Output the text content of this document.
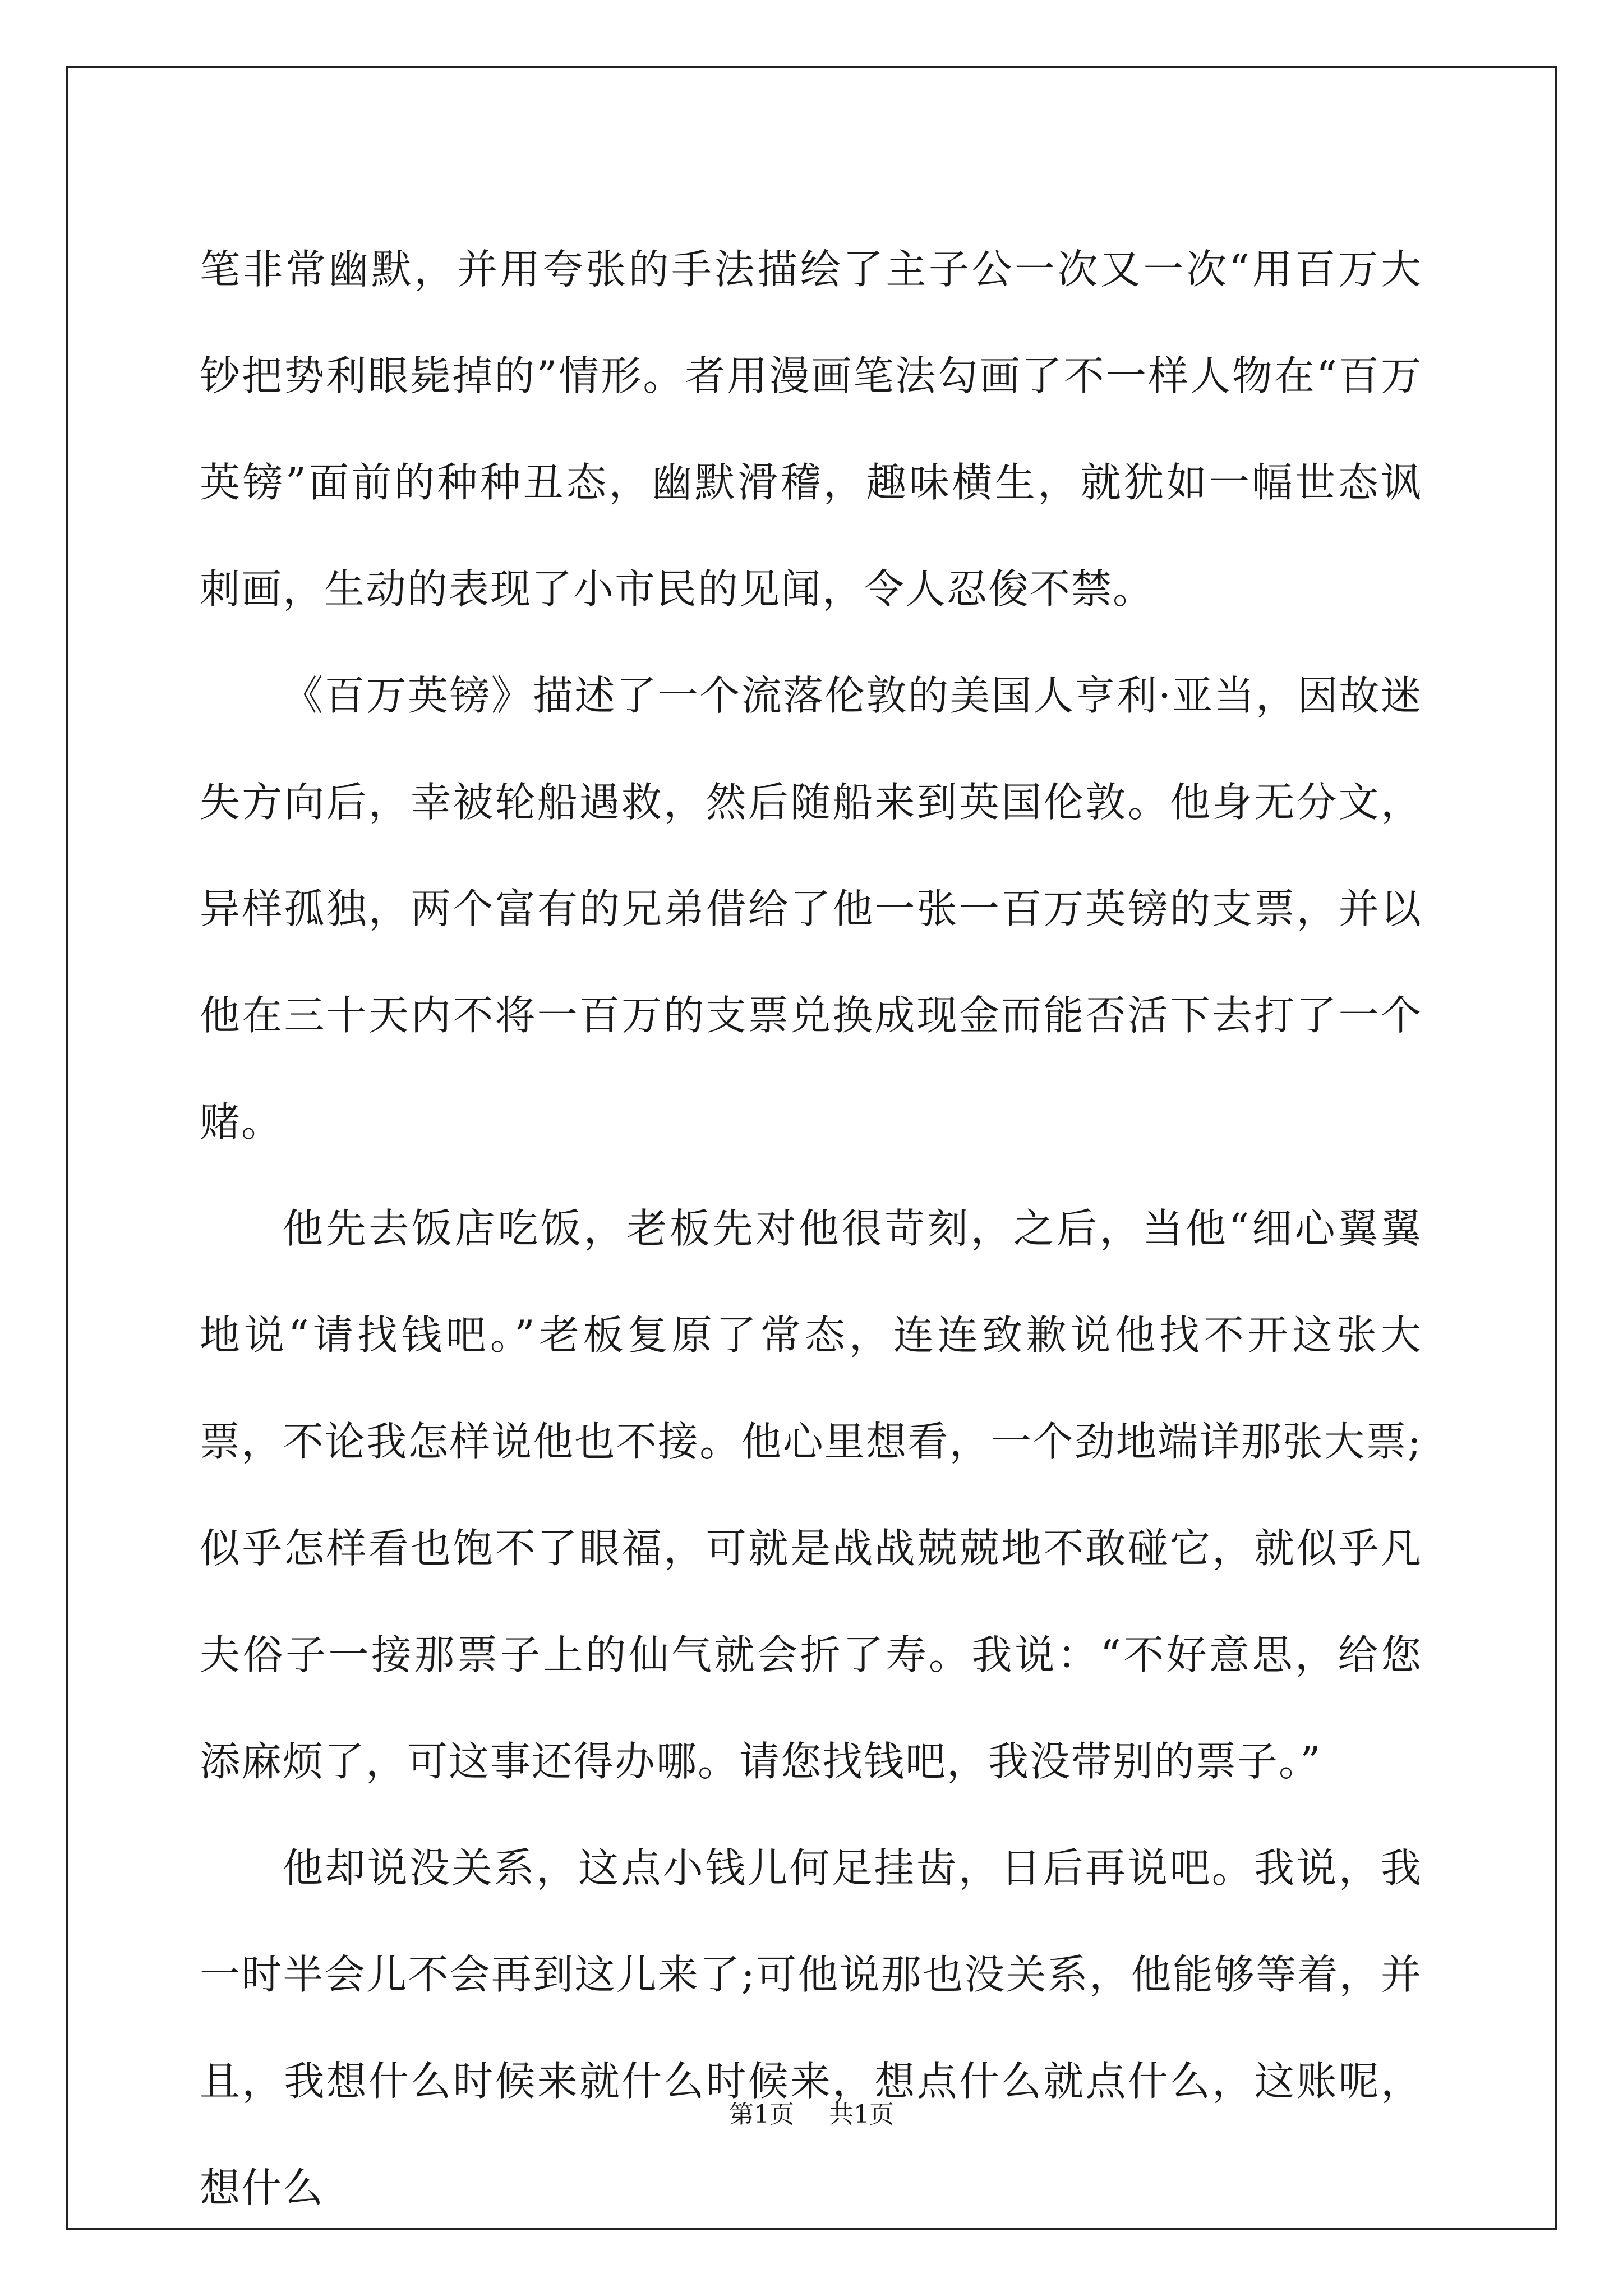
笔非常幽默，并用夸张的手法描绘了主子公一次又一次“用百万大钞把势利眼毙掉的”情形。者用漫画笔法勾画了不一样人物在“百万英镑”面前的种种丑态，幽默滑稽，趣味横生，就犹如一幅世态讽刺画，生动的表现了小市民的见闻，令人忍俊不禁。

《百万英镑》描述了一个流落伦敦的美国人亨利·亚当，因故迷失方向后，幸被轮船遇救，然后随船来到英国伦敦。他身无分文，异样孤独，两个富有的兄弟借给了他一张一百万英镑的支票，并以他在三十天内不将一百万的支票兑换成现金而能否活下去打了一个赌。

他先去饭店吃饭，老板先对他很苛刻，之后，当他“细心翼翼地说“请找钱吧。”老板复原了常态，连连致歉说他找不开这张大票，不论我怎样说他也不接。他心里想看，一个劲地端详那张大票;似乎怎样看也饱不了眼福，可就是战战兢兢地不敢碰它，就似乎凡夫俗子一接那票子上的仙气就会折了寿。我说：“不好意思，给您添麻烦了，可这事还得办哪。请您找钱吧，我没带别的票子。”

他却说没关系，这点小钱儿何足挂齿，日后再说吧。我说，我一时半会儿不会再到这儿来了;可他说那也没关系，他能够等着，并且，我想什么时候来就什么时候来，想点什么就点什么，这账呢，想什么

第1页 共1页
